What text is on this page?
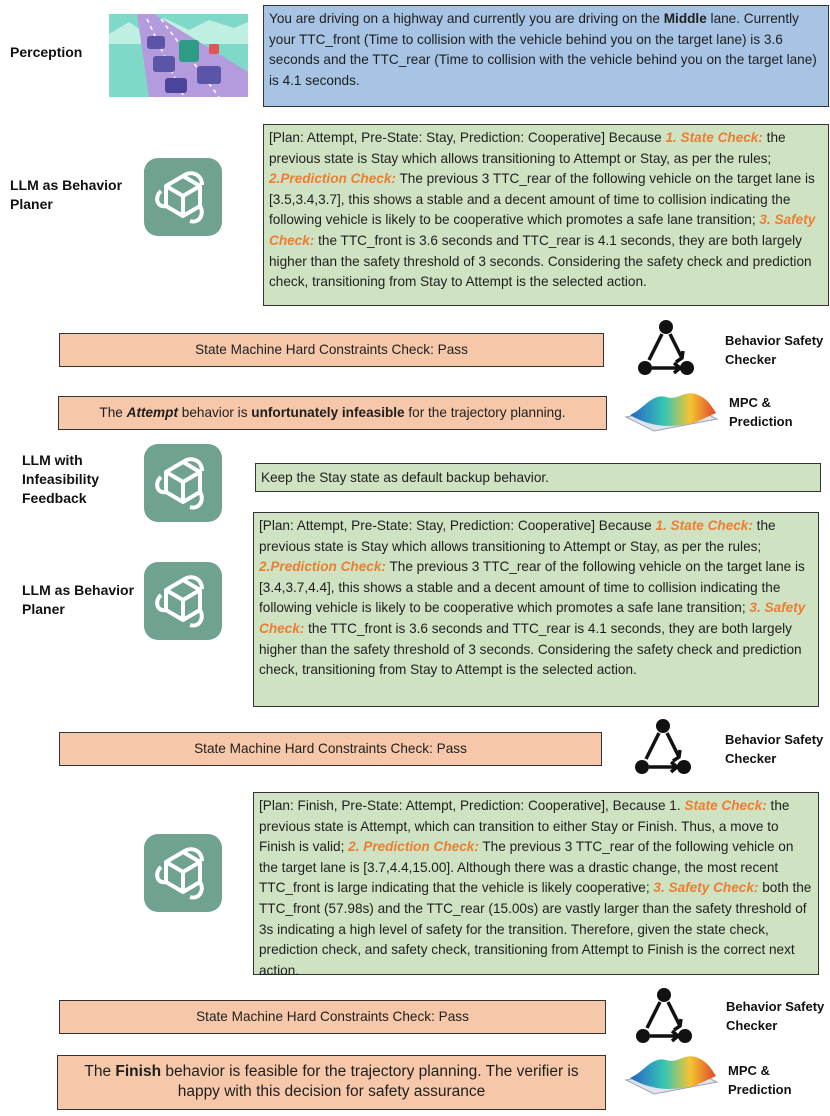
Perception
You are driving on a highway and currently you are driving on the Middle lane. Currently your TTC_front (Time to collision with the vehicle behind you on the target lane) is 3.6 seconds and the TTC_rear (Time to collision with the vehicle behind you on the target lane) is 4.1 seconds.
LLM as Behavior Planer
[Plan: Attempt, Pre-State: Stay, Prediction: Cooperative] Because 1. State Check: the previous state is Stay which allows transitioning to Attempt or Stay, as per the rules; 2.Prediction Check: The previous 3 TTC_rear of the following vehicle on the target lane is [3.5,3.4,3.7], this shows a stable and a decent amount of time to collision indicating the following vehicle is likely to be cooperative which promotes a safe lane transition; 3. Safety Check: the TTC_front is 3.6 seconds and TTC_rear is 4.1 seconds, they are both largely higher than the safety threshold of 3 seconds. Considering the safety check and prediction check, transitioning from Stay to Attempt is the selected action.
State Machine Hard Constraints Check: Pass
Behavior Safety Checker
The Attempt behavior is unfortunately infeasible for the trajectory planning.
MPC & Prediction
LLM with Infeasibility Feedback
Keep the Stay state as default backup behavior.
LLM as Behavior Planer
[Plan: Attempt, Pre-State: Stay, Prediction: Cooperative] Because 1. State Check: the previous state is Stay which allows transitioning to Attempt or Stay, as per the rules; 2.Prediction Check: The previous 3 TTC_rear of the following vehicle on the target lane is [3.4,3.7,4.4], this shows a stable and a decent amount of time to collision indicating the following vehicle is likely to be cooperative which promotes a safe lane transition; 3. Safety Check: the TTC_front is 3.6 seconds and TTC_rear is 4.1 seconds, they are both largely higher than the safety threshold of 3 seconds. Considering the safety check and prediction check, transitioning from Stay to Attempt is the selected action.
State Machine Hard Constraints Check: Pass
Behavior Safety Checker
[Plan: Finish, Pre-State: Attempt, Prediction: Cooperative], Because 1. State Check: the previous state is Attempt, which can transition to either Stay or Finish. Thus, a move to Finish is valid; 2. Prediction Check: The previous 3 TTC_rear of the following vehicle on the target lane is [3.7,4.4,15.00]. Although there was a drastic change, the most recent TTC_front is large indicating that the vehicle is likely cooperative; 3. Safety Check: both the TTC_front (57.98s) and the TTC_rear (15.00s) are vastly larger than the safety threshold of 3s indicating a high level of safety for the transition. Therefore, given the state check, prediction check, and safety check, transitioning from Attempt to Finish is the correct next action.
State Machine Hard Constraints Check: Pass
Behavior Safety Checker
The Finish behavior is feasible for the trajectory planning. The verifier is happy with this decision for safety assurance
MPC & Prediction
